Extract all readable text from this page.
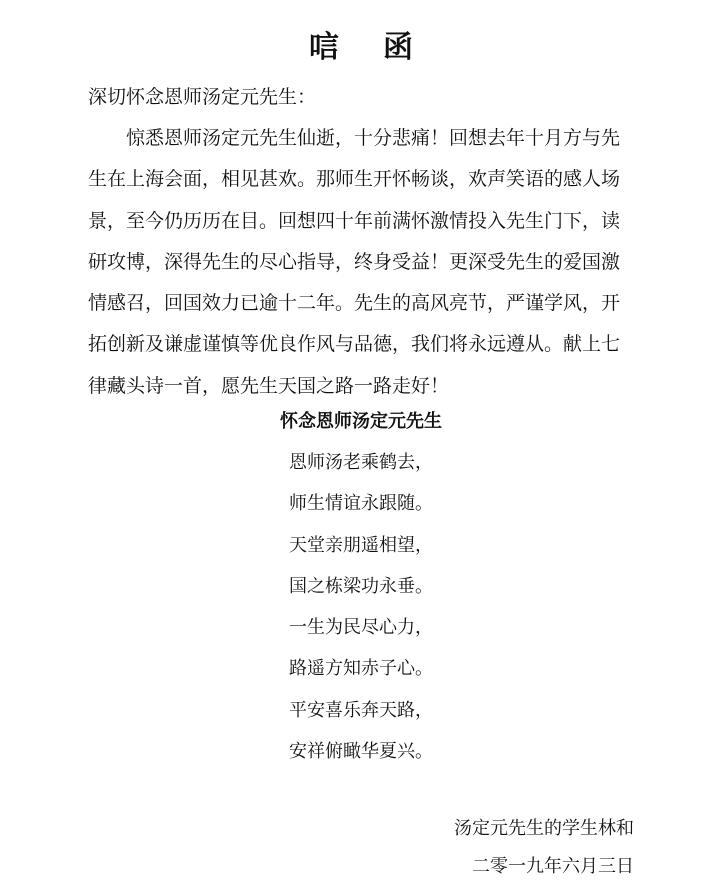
唁 函
深切怀念恩师汤定元先生：
惊悉恩师汤定元先生仙逝，十分悲痛！回想去年十月方与先
生在上海会面，相见甚欢。那师生开怀畅谈，欢声笑语的感人场
景，至今仍历历在目。回想四十年前满怀激情投入先生门下，读
研攻博，深得先生的尽心指导，终身受益！更深受先生的爱国激
情感召，回国效力已逾十二年。先生的高风亮节，严谨学风，开
拓创新及谦虚谨慎等优良作风与品德，我们将永远遵从。献上七
律藏头诗一首，愿先生天国之路一路走好！
怀念恩师汤定元先生
恩师汤老乘鹤去，
师生情谊永跟随。
天堂亲朋遥相望，
国之栋梁功永垂。
一生为民尽心力，
路遥方知赤子心。
平安喜乐奔天路，
安祥俯瞰华夏兴。
汤定元先生的学生林和
二零一九年六月三日
